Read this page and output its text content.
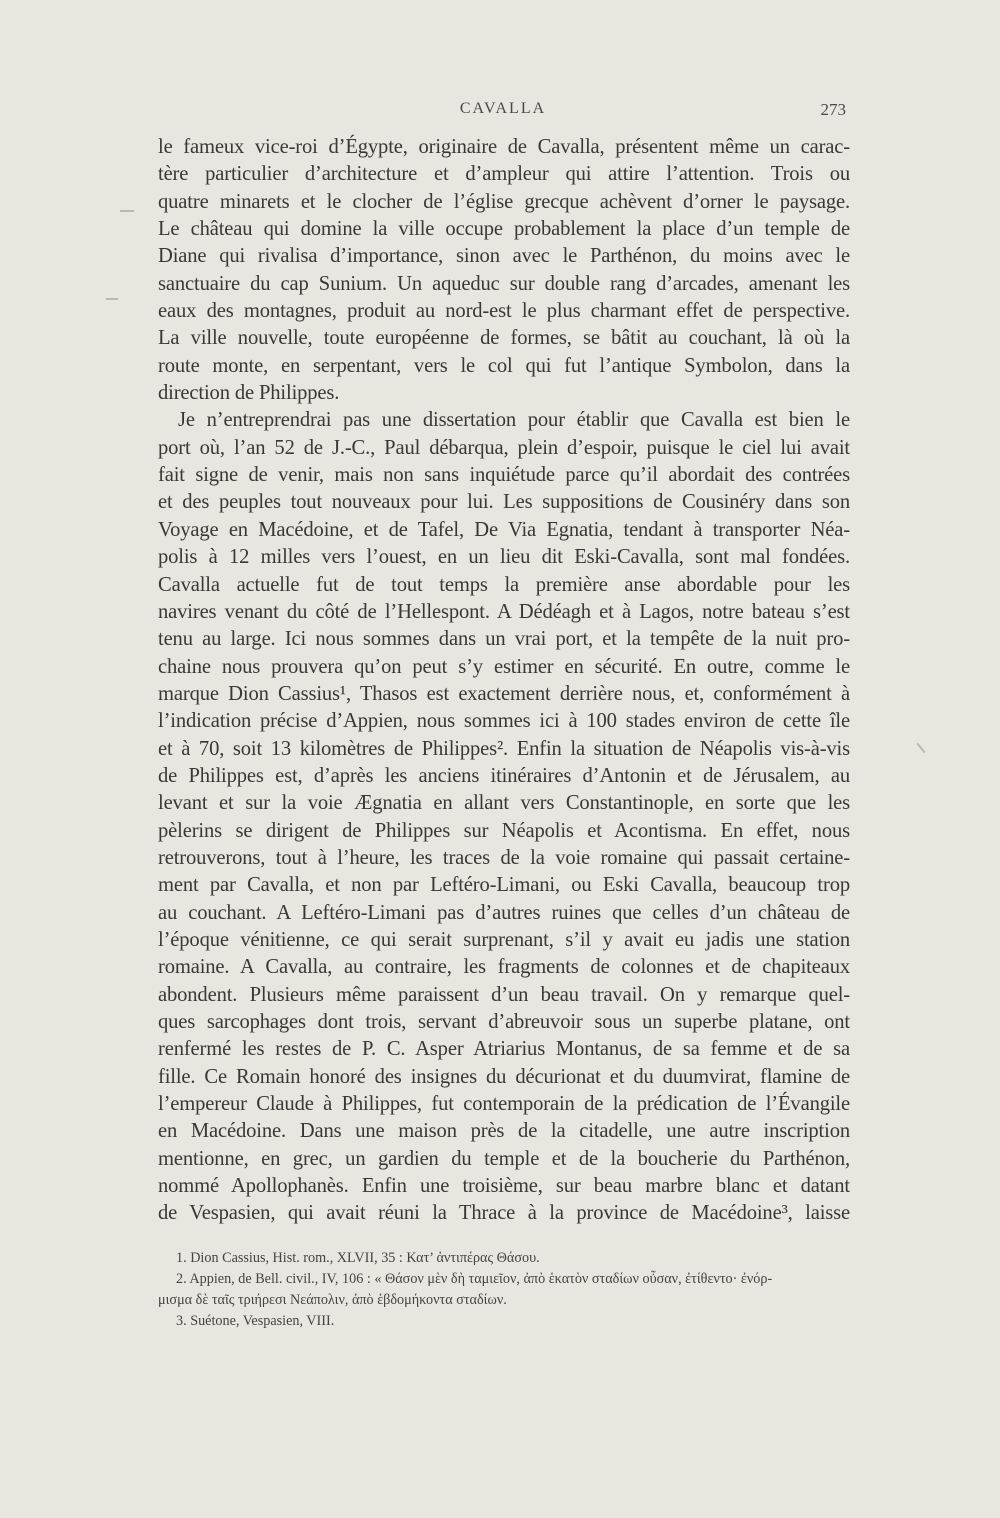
CAVALLA	273
le fameux vice-roi d’Égypte, originaire de Cavalla, présentent même un carac-
tère particulier d’architecture et d’ampleur qui attire l’attention. Trois ou
quatre minarets et le clocher de l’église grecque achèvent d’orner le paysage.
Le château qui domine la ville occupe probablement la place d’un temple de
Diane qui rivalisa d’importance, sinon avec le Parthénon, du moins avec le
sanctuaire du cap Sunium. Un aqueduc sur double rang d’arcades, amenant les
eaux des montagnes, produit au nord-est le plus charmant effet de perspective.
La ville nouvelle, toute européenne de formes, se bâtit au couchant, là où la
route monte, en serpentant, vers le col qui fut l’antique Symbolon, dans la
direction de Philippes.
Je n’entreprendrai pas une dissertation pour établir que Cavalla est bien le
port où, l’an 52 de J.-C., Paul débarqua, plein d’espoir, puisque le ciel lui avait
fait signe de venir, mais non sans inquiétude parce qu’il abordait des contrées
et des peuples tout nouveaux pour lui. Les suppositions de Cousinéry dans son
Voyage en Macédoine, et de Tafel, De Via Egnatia, tendant à transporter Néa-
polis à 12 milles vers l’ouest, en un lieu dit Eski-Cavalla, sont mal fondées.
Cavalla actuelle fut de tout temps la première anse abordable pour les
navires venant du côté de l’Hellespont. A Dédéagh et à Lagos, notre bateau s’est
tenu au large. Ici nous sommes dans un vrai port, et la tempête de la nuit pro-
chaine nous prouvera qu’on peut s’y estimer en sécurité. En outre, comme le
marque Dion Cassius¹, Thasos est exactement derrière nous, et, conformément à
l’indication précise d’Appien, nous sommes ici à 100 stades environ de cette île
et à 70, soit 13 kilomètres de Philippes². Enfin la situation de Néapolis vis-à-vis
de Philippes est, d’après les anciens itinéraires d’Antonin et de Jérusalem, au
levant et sur la voie Ægnatia en allant vers Constantinople, en sorte que les
pèlerins se dirigent de Philippes sur Néapolis et Acontisma. En effet, nous
retrouverons, tout à l’heure, les traces de la voie romaine qui passait certaine-
ment par Cavalla, et non par Leftéro-Limani, ou Eski Cavalla, beaucoup trop
au couchant. A Leftéro-Limani pas d’autres ruines que celles d’un château de
l’époque vénitienne, ce qui serait surprenant, s’il y avait eu jadis une station
romaine. A Cavalla, au contraire, les fragments de colonnes et de chapiteaux
abondent. Plusieurs même paraissent d’un beau travail. On y remarque quel-
ques sarcophages dont trois, servant d’abreuvoir sous un superbe platane, ont
renfermé les restes de P. C. Asper Atriarius Montanus, de sa femme et de sa
fille. Ce Romain honoré des insignes du décurionat et du duumvirat, flamine de
l’empereur Claude à Philippes, fut contemporain de la prédication de l’Évangile
en Macédoine. Dans une maison près de la citadelle, une autre inscription
mentionne, en grec, un gardien du temple et de la boucherie du Parthénon,
nommé Apollophanès. Enfin une troisième, sur beau marbre blanc et datant
de Vespasien, qui avait réuni la Thrace à la province de Macédoine³, laisse
1. Dion Cassius, Hist. rom., XLVII, 35 : Κατ’ ἀντιπέρας Θάσου.
2. Appien, de Bell. civil., IV, 106 : « Θάσον μὲν δὴ ταμιεῖον, ἀπὸ ἑκατὸν σταδίων οὖσαν, ἐτίθεντο· ἐνόρ-
μισμα δὲ ταῖς τριήρεσι Νεάπολιν, ἀπὸ ἑβδομήκοντα σταδίων.
3. Suétone, Vespasien, VIII.
